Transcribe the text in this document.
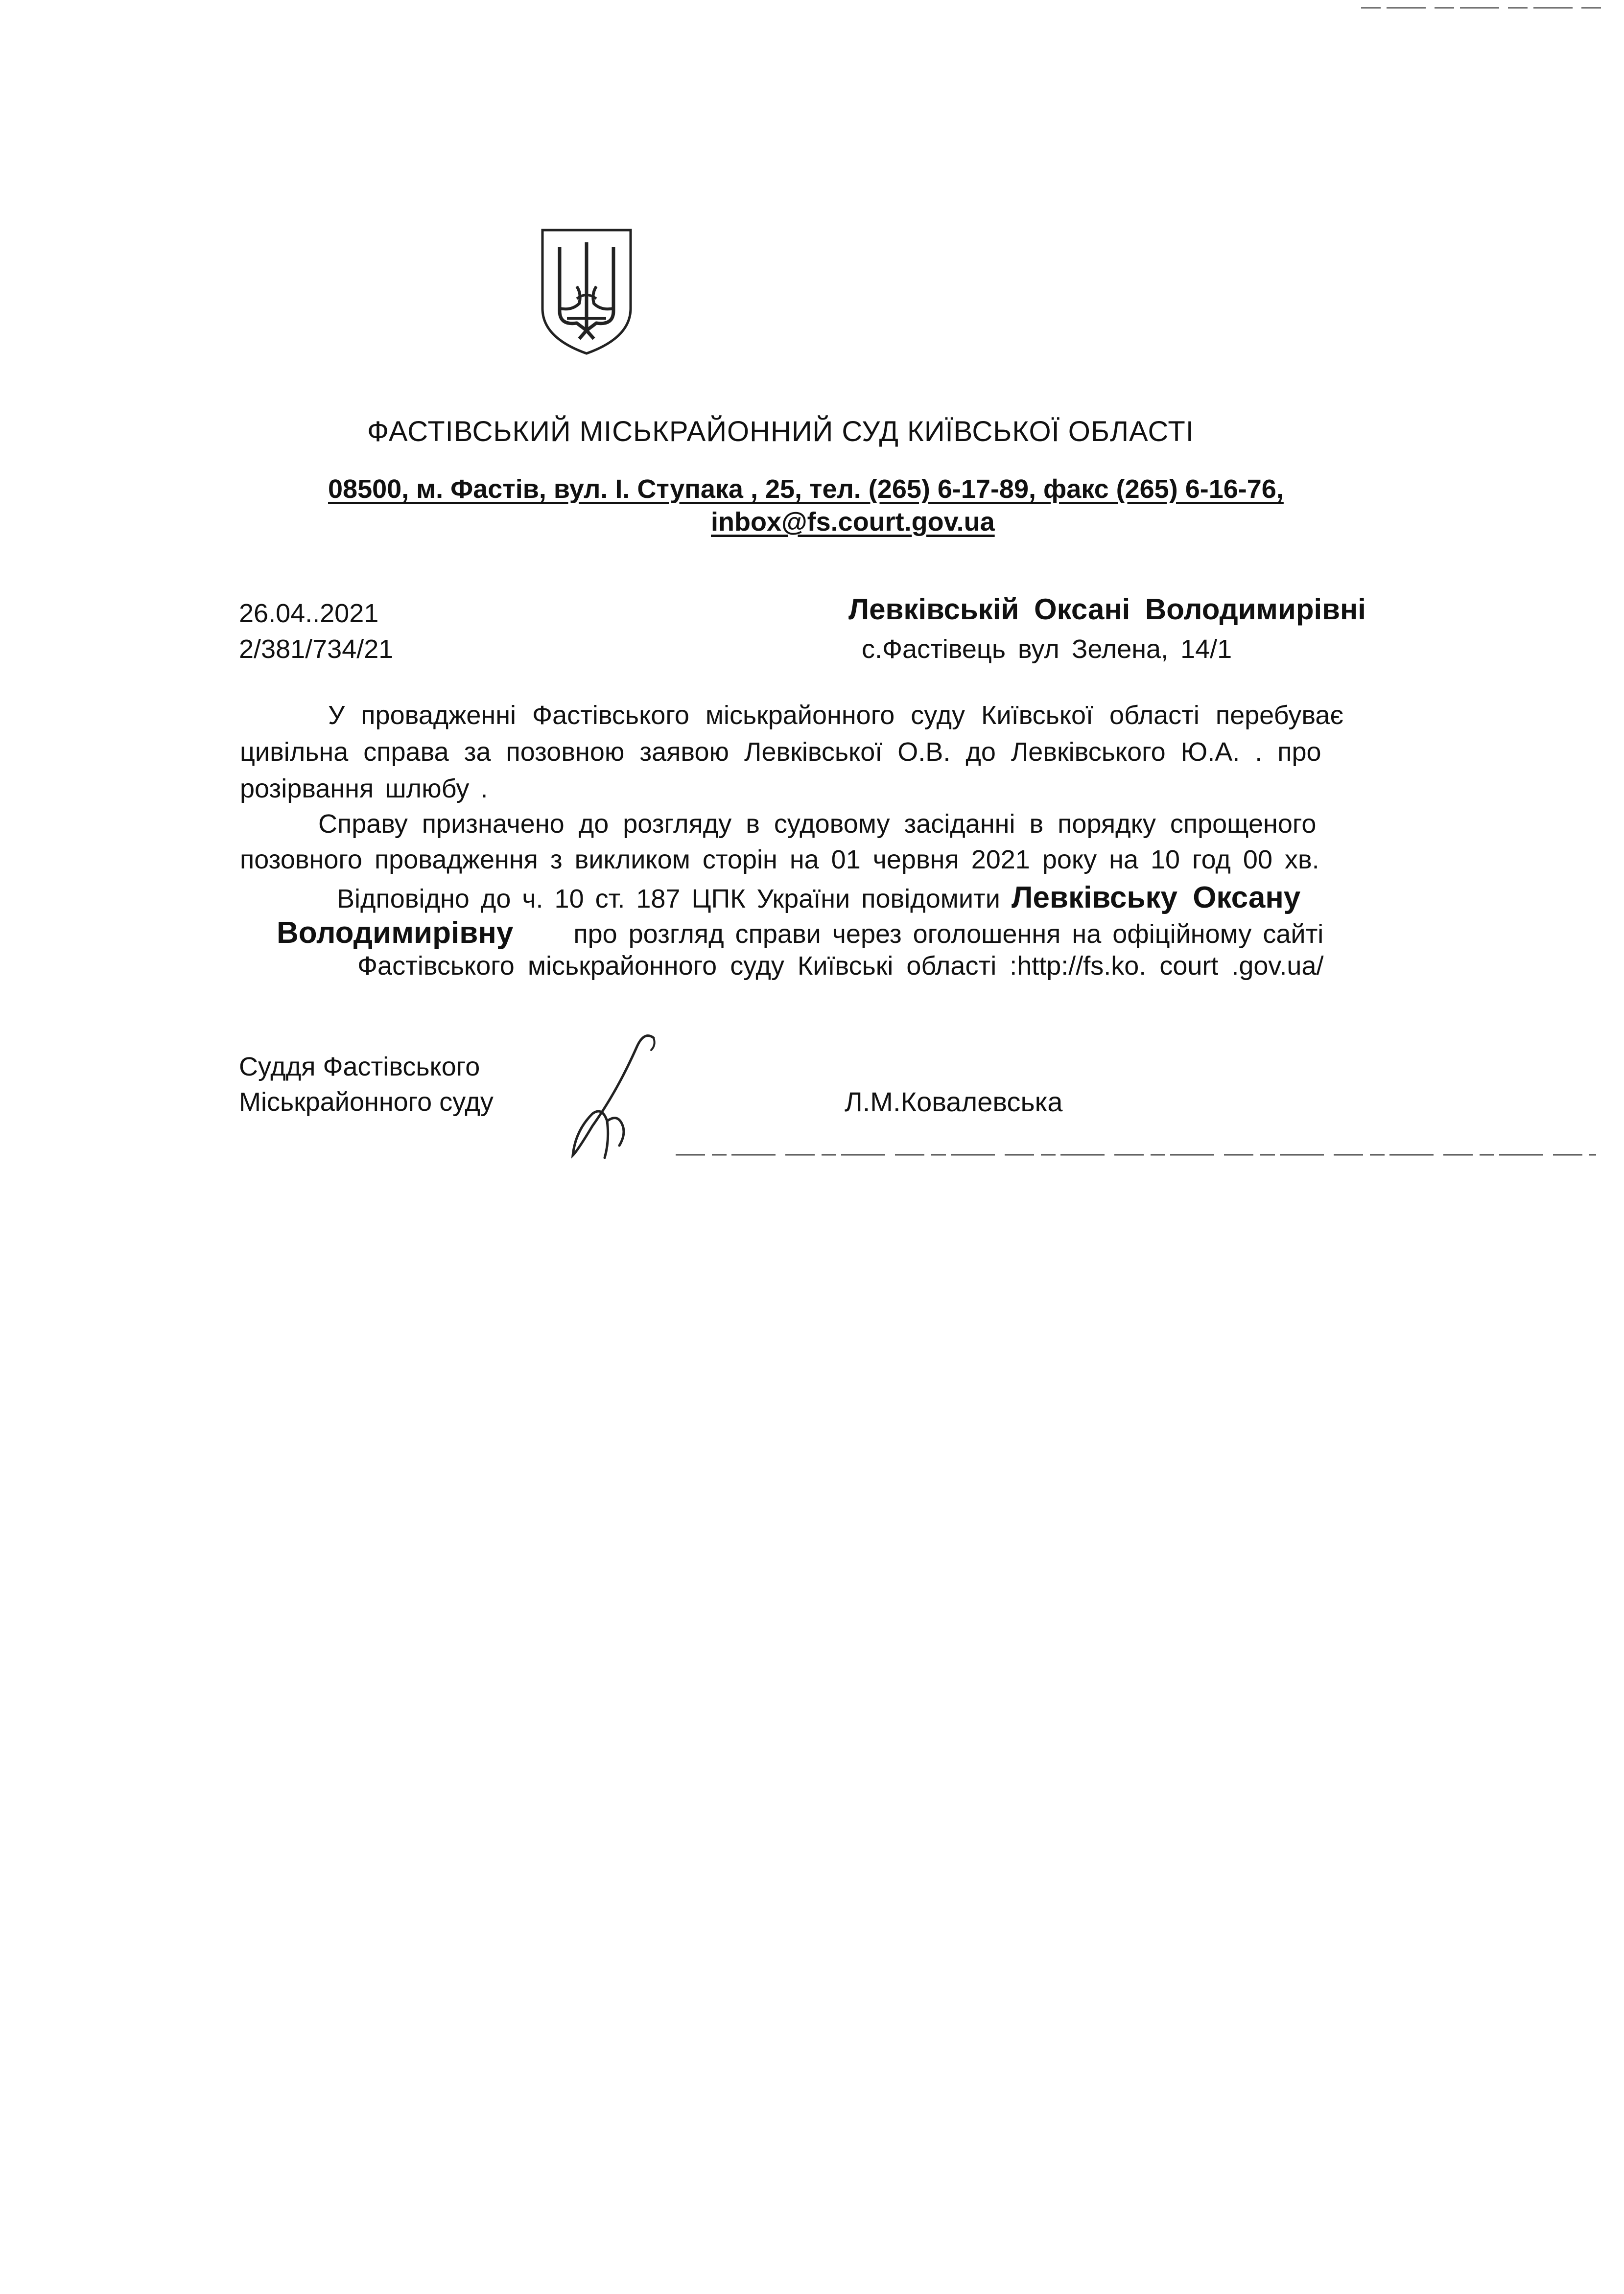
ФАСТІВСЬКИЙ МІСЬКРАЙОННИЙ СУД КИЇВСЬКОЇ ОБЛАСТІ
08500, м. Фастів, вул. І. Ступака , 25, тел. (265) 6-17-89, факс (265) 6-16-76,
inbox@fs.court.gov.ua
26.04..2021
2/381/734/21
Левківській Оксані Володимирівні
с.Фастівець вул Зелена, 14/1
У провадженні Фастівського міськрайонного суду Київської області перебуває
цивільна справа за позовною заявою Левківської О.В. до Левківського Ю.А. . про
розірвання шлюбу .
Справу призначено до розгляду в судовому засіданні в порядку спрощеного
позовного провадження з викликом сторін на 01 червня 2021 року на 10 год 00 хв.
Відповідно до ч. 10 ст. 187 ЦПК України повідомити Левківську Оксану
Володимирівну про розгляд справи через оголошення на офіційному сайті
Фастівського міськрайонного суду Київські області :http://fs.ko. court .gov.ua/
Суддя Фастівського
Міськрайонного суду	Л.М.Ковалевська
